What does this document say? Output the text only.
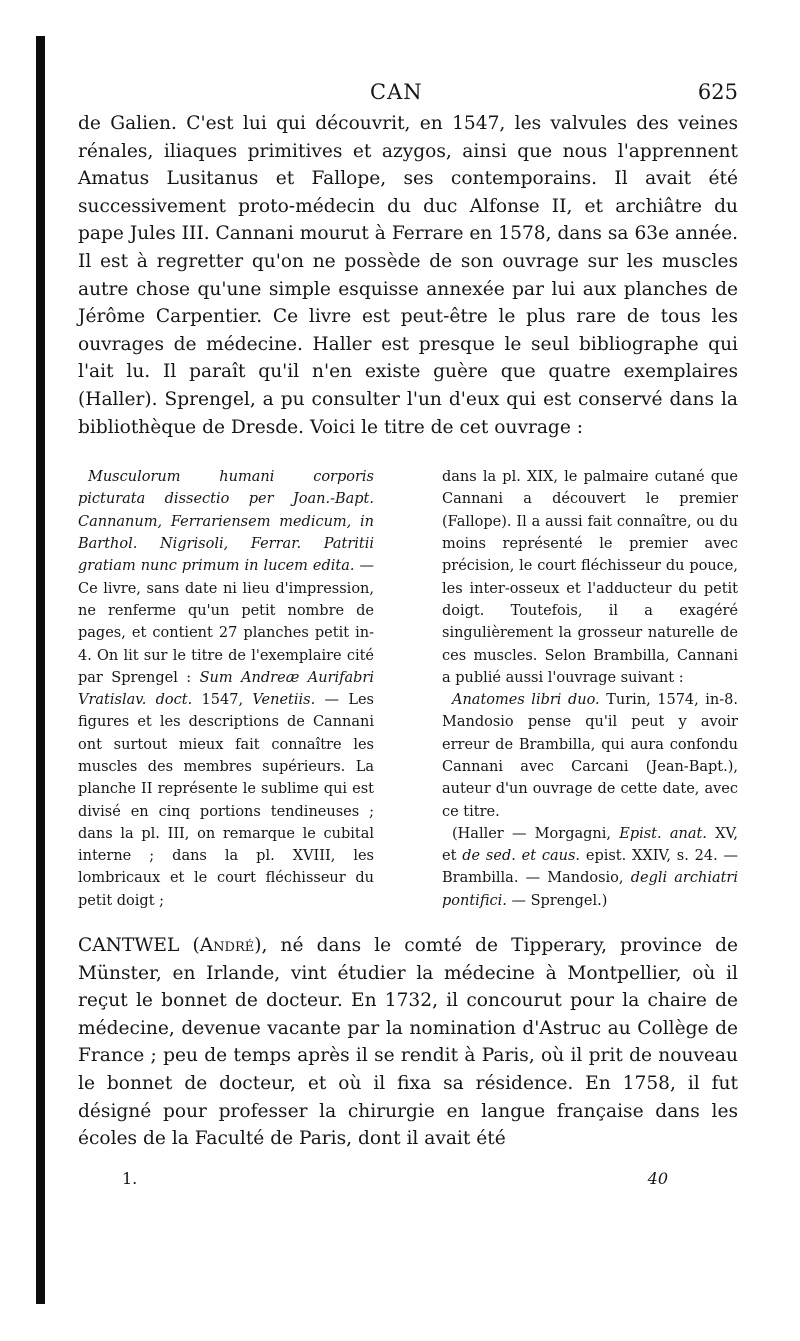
CAN	625

de Galien. C'est lui qui découvrit, en 1547, les valvules des veines rénales, iliaques primitives et azygos, ainsi que nous l'apprennent Amatus Lusitanus et Fallope, ses contemporains. Il avait été successivement proto-médecin du duc Alfonse II, et archiâtre du pape Jules III. Cannani mourut à Ferrare en 1578, dans sa 63e année. Il est à regretter qu'on ne possède de son ouvrage sur les muscles autre chose qu'une simple esquisse annexée par lui aux planches de Jérôme Carpentier. Ce livre est peut-être le plus rare de tous les ouvrages de médecine. Haller est presque le seul bibliographe qui l'ait lu. Il paraît qu'il n'en existe guère que quatre exemplaires (Haller). Sprengel, a pu consulter l'un d'eux qui est conservé dans la bibliothèque de Dresde. Voici le titre de cet ouvrage :

Musculorum humani corporis picturata dissectio per Joan.-Bapt. Cannanum, Ferrariensem medicum, in Barthol. Nigrisoli, Ferrar. Patritii gratiam nunc primum in lucem edita. — Ce livre, sans date ni lieu d'impression, ne renferme qu'un petit nombre de pages, et contient 27 planches petit in-4. On lit sur le titre de l'exemplaire cité par Sprengel : Sum Andreæ Aurifabri Vratislav. doct. 1547, Venetiis. — Les figures et les descriptions de Cannani ont surtout mieux fait connaître les muscles des membres supérieurs. La planche II représente le sublime qui est divisé en cinq portions tendineuses ; dans la pl. III, on remarque le cubital interne ; dans la pl. XVIII, les lombricaux et le court fléchisseur du petit doigt ;

dans la pl. XIX, le palmaire cutané que Cannani a découvert le premier (Fallope). Il a aussi fait connaître, ou du moins représenté le premier avec précision, le court fléchisseur du pouce, les inter-osseux et l'adducteur du petit doigt. Toutefois, il a exagéré singulièrement la grosseur naturelle de ces muscles. Selon Brambilla, Cannani a publié aussi l'ouvrage suivant :

Anatomes libri duo. Turin, 1574, in-8. Mandosio pense qu'il peut y avoir erreur de Brambilla, qui aura confondu Cannani avec Carcani (Jean-Bapt.), auteur d'un ouvrage de cette date, avec ce titre.

(Haller — Morgagni, Epist. anat. XV, et de sed. et caus. epist. XXIV, s. 24. — Brambilla. — Mandosio, degli archiatri pontifici. — Sprengel.)

CANTWEL (André), né dans le comté de Tipperary, province de Münster, en Irlande, vint étudier la médecine à Montpellier, où il reçut le bonnet de docteur. En 1732, il concourut pour la chaire de médecine, devenue vacante par la nomination d'Astruc au Collège de France ; peu de temps après il se rendit à Paris, où il prit de nouveau le bonnet de docteur, et où il fixa sa résidence. En 1758, il fut désigné pour professer la chirurgie en langue française dans les écoles de la Faculté de Paris, dont il avait été

1.	40
